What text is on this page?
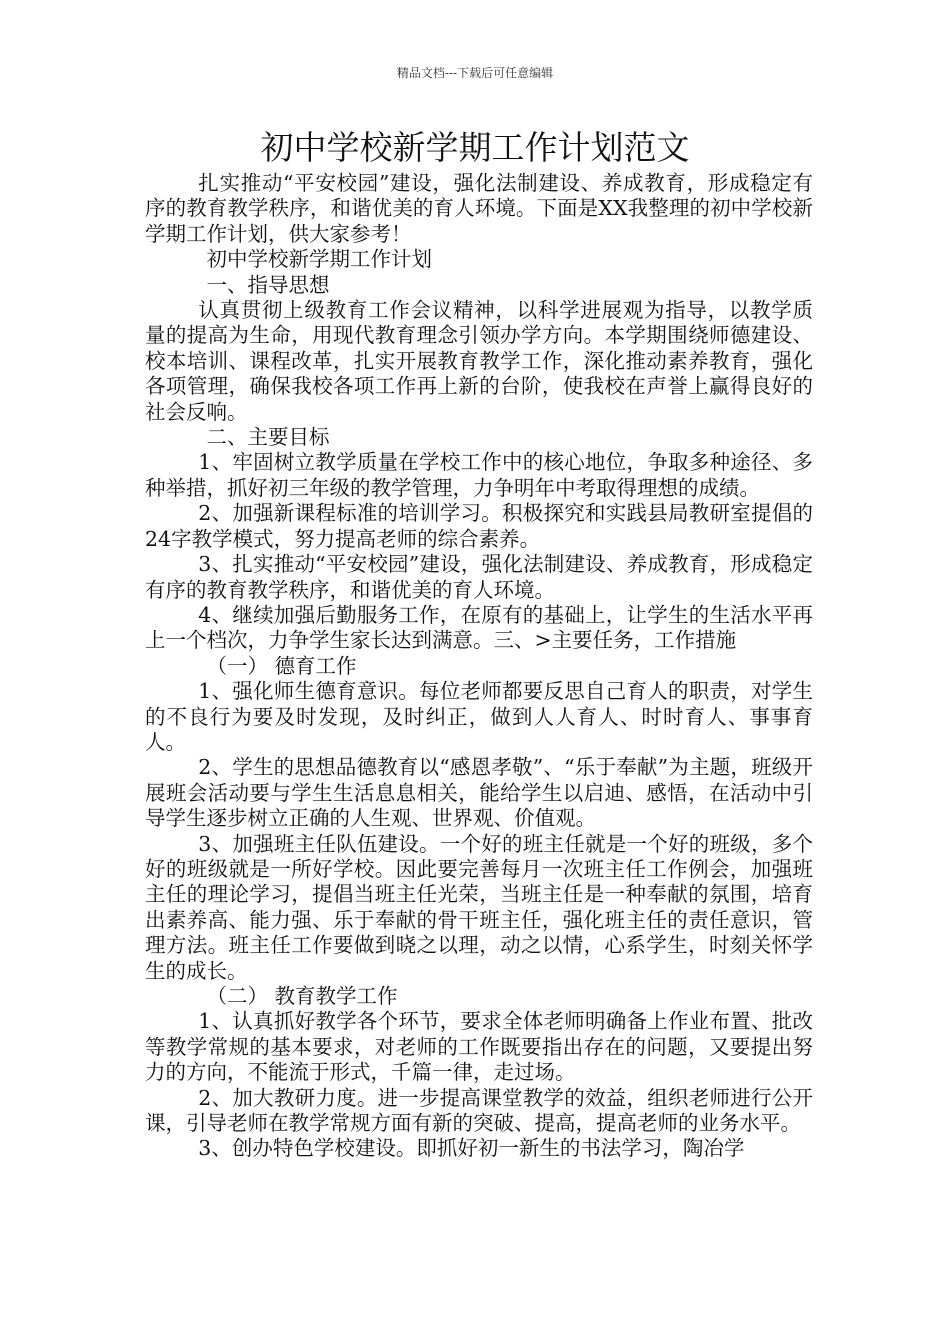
精品文档---下载后可任意编辑
初中学校新学期工作计划范文

扎实推动“平安校园”建设，强化法制建设、养成教育，形成稳定有序的教育教学秩序，和谐优美的育人环境。下面是XX我整理的初中学校新学期工作计划，供大家参考！

初中学校新学期工作计划

一、指导思想

认真贯彻上级教育工作会议精神，以科学进展观为指导，以教学质量的提高为生命，用现代教育理念引领办学方向。本学期围绕师德建设、校本培训、课程改革，扎实开展教育教学工作，深化推动素养教育，强化各项管理，确保我校各项工作再上新的台阶，使我校在声誉上赢得良好的社会反响。

二、主要目标

1、牢固树立教学质量在学校工作中的核心地位，争取多种途径、多种举措，抓好初三年级的教学管理，力争明年中考取得理想的成绩。

2、加强新课程标准的培训学习。积极探究和实践县局教研室提倡的24字教学模式，努力提高老师的综合素养。

3、扎实推动“平安校园”建设，强化法制建设、养成教育，形成稳定有序的教育教学秩序，和谐优美的育人环境。

4、继续加强后勤服务工作，在原有的基础上，让学生的生活水平再上一个档次，力争学生家长达到满意。三、>主要任务，工作措施

（一） 德育工作

1、强化师生德育意识。每位老师都要反思自己育人的职责，对学生的不良行为要及时发现，及时纠正，做到人人育人、时时育人、事事育人。

2、学生的思想品德教育以“感恩孝敬”、“乐于奉献”为主题，班级开展班会活动要与学生生活息息相关，能给学生以启迪、感悟，在活动中引导学生逐步树立正确的人生观、世界观、价值观。

3、加强班主任队伍建设。一个好的班主任就是一个好的班级，多个好的班级就是一所好学校。因此要完善每月一次班主任工作例会，加强班主任的理论学习，提倡当班主任光荣，当班主任是一种奉献的氛围，培育出素养高、能力强、乐于奉献的骨干班主任，强化班主任的责任意识，管理方法。班主任工作要做到晓之以理，动之以情，心系学生，时刻关怀学生的成长。

（二） 教育教学工作

1、认真抓好教学各个环节，要求全体老师明确备上作业布置、批改等教学常规的基本要求，对老师的工作既要指出存在的问题，又要提出努力的方向，不能流于形式，千篇一律，走过场。

2、加大教研力度。进一步提高课堂教学的效益，组织老师进行公开课，引导老师在教学常规方面有新的突破、提高，提高老师的业务水平。

3、创办特色学校建设。即抓好初一新生的书法学习，陶冶学
